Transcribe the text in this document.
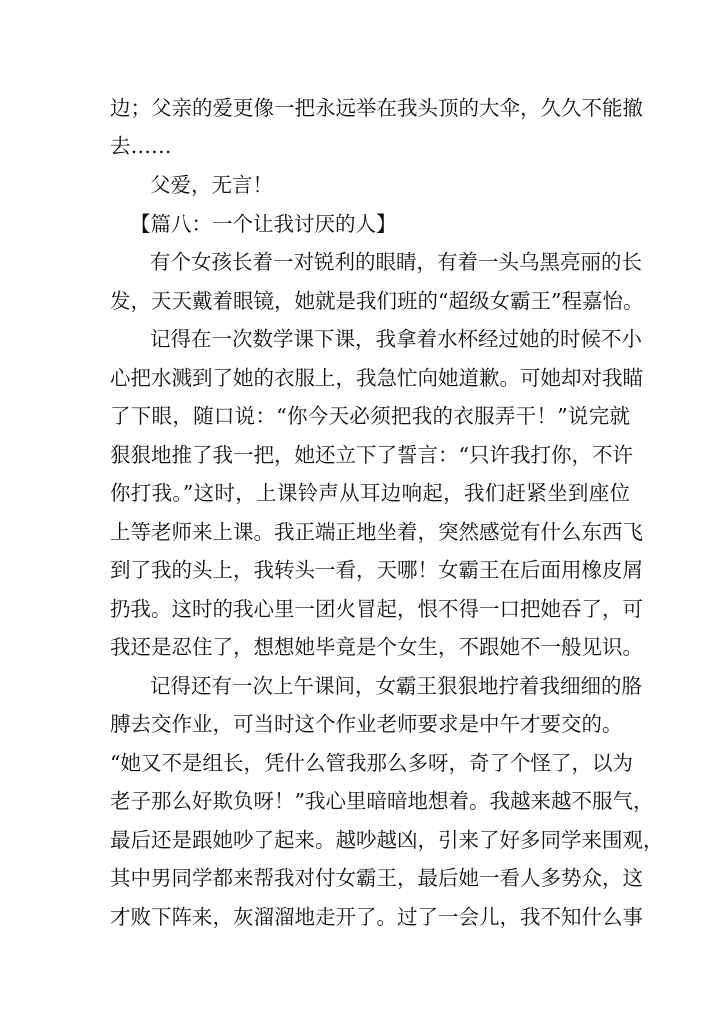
边；父亲的爱更像一把永远举在我头顶的大伞，久久不能撤
去……
父爱，无言！
【篇八：一个让我讨厌的人】
有个女孩长着一对锐利的眼睛，有着一头乌黑亮丽的长
发，天天戴着眼镜，她就是我们班的“超级女霸王”程嘉怡。
记得在一次数学课下课，我拿着水杯经过她的时候不小
心把水溅到了她的衣服上，我急忙向她道歉。可她却对我瞄
了下眼，随口说：“你今天必须把我的衣服弄干！”说完就
狠狠地推了我一把，她还立下了誓言：“只许我打你，不许
你打我。”这时，上课铃声从耳边响起，我们赶紧坐到座位
上等老师来上课。我正端正地坐着，突然感觉有什么东西飞
到了我的头上，我转头一看，天哪！女霸王在后面用橡皮屑
扔我。这时的我心里一团火冒起，恨不得一口把她吞了，可
我还是忍住了，想想她毕竟是个女生，不跟她不一般见识。
记得还有一次上午课间，女霸王狠狠地拧着我细细的胳
膊去交作业，可当时这个作业老师要求是中午才要交的。
“她又不是组长，凭什么管我那么多呀，奇了个怪了，以为
老子那么好欺负呀！”我心里暗暗地想着。我越来越不服气，
最后还是跟她吵了起来。越吵越凶，引来了好多同学来围观，
其中男同学都来帮我对付女霸王，最后她一看人多势众，这
才败下阵来，灰溜溜地走开了。过了一会儿，我不知什么事
